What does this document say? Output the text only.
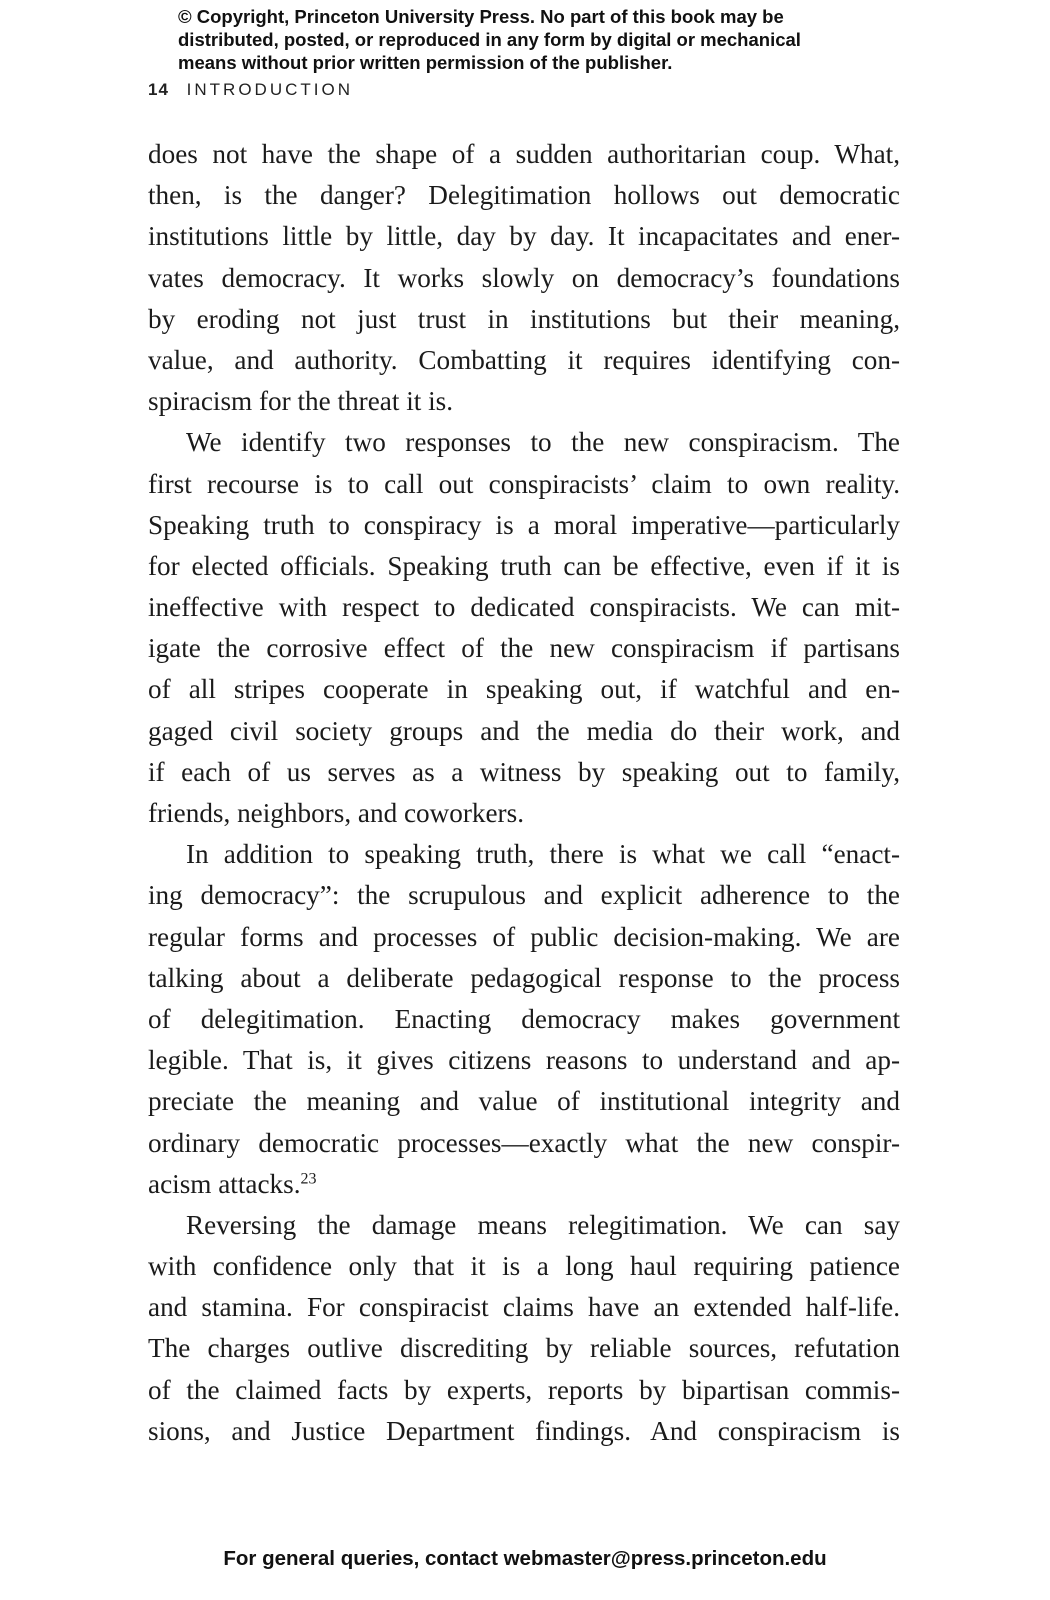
© Copyright, Princeton University Press. No part of this book may be
distributed, posted, or reproduced in any form by digital or mechanical
means without prior written permission of the publisher.
14 INTRODUCTION
does not have the shape of a sudden authoritarian coup. What,
then, is the danger? Delegitimation hollows out democratic
institutions little by little, day by day. It incapacitates and ener-
vates democracy. It works slowly on democracy’s foundations
by eroding not just trust in institutions but their meaning,
value, and authority. Combatting it requires identifying con-
spiracism for the threat it is.
We identify two responses to the new conspiracism. The
first recourse is to call out conspiracists’ claim to own reality.
Speaking truth to conspiracy is a moral imperative—particularly
for elected officials. Speaking truth can be effective, even if it is
ineffective with respect to dedicated conspiracists. We can mit-
igate the corrosive effect of the new conspiracism if partisans
of all stripes cooperate in speaking out, if watchful and en-
gaged civil society groups and the media do their work, and
if each of us serves as a witness by speaking out to family,
friends, neighbors, and coworkers.
In addition to speaking truth, there is what we call “enact-
ing democracy”: the scrupulous and explicit adherence to the
regular forms and processes of public decision-making. We are
talking about a deliberate pedagogical response to the process
of delegitimation. Enacting democracy makes government
legible. That is, it gives citizens reasons to understand and ap-
preciate the meaning and value of institutional integrity and
ordinary democratic processes—exactly what the new conspir-
acism attacks.$^{23}$
Reversing the damage means relegitimation. We can say
with confidence only that it is a long haul requiring patience
and stamina. For conspiracist claims have an extended half-life.
The charges outlive discrediting by reliable sources, refutation
of the claimed facts by experts, reports by bipartisan commis-
sions, and Justice Department findings. And conspiracism is
For general queries, contact webmaster@press.princeton.edu
